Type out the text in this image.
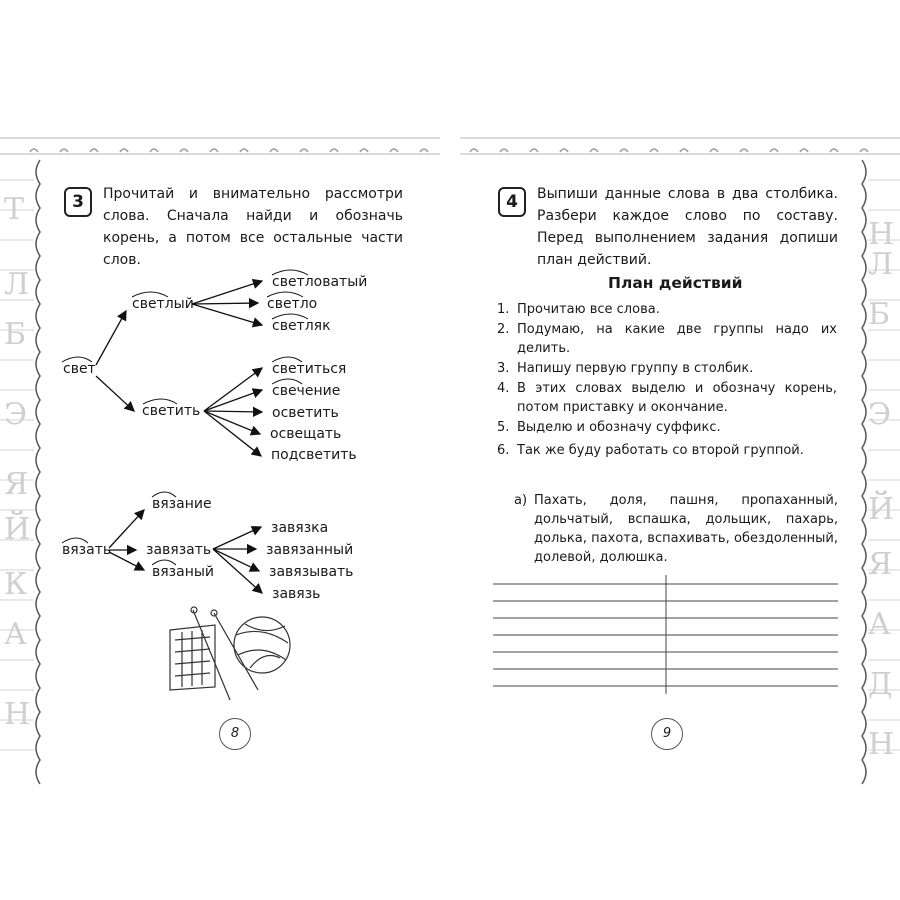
Т
Л
Б
Э
Я
Й
К
А
Н
3	Прочитай и внимательно рассмотри слова. Сначала найди и обозначь корень, а потом все остальные части слов.
свет
светлый
светловатый
светло
светляк
светить
светиться
свечение
осветить
освещать
подсветить
вязать
вязание
завязать
вязаный
завязка
завязанный
завязывать
завязь
8
Н
Л
Б
Э
Й
Я
А
Д
Н
4	Выпиши данные слова в два столбика. Разбери каждое слово по составу. Перед выполнением задания допиши план действий.
План действий
1. Прочитаю все слова.
2. Подумаю, на какие две группы надо их делить.
3. Напишу первую группу в столбик.
4. В этих словах выделю и обозначу корень, потом приставку и окончание.
5. Выделю и обозначу суффикс.
6. Так же буду работать со второй группой.
а) Пахать, доля, пашня, пропаханный, дольчатый, вспашка, дольщик, пахарь, долька, пахота, вспахивать, обездоленный, долевой, долюшка.
9
